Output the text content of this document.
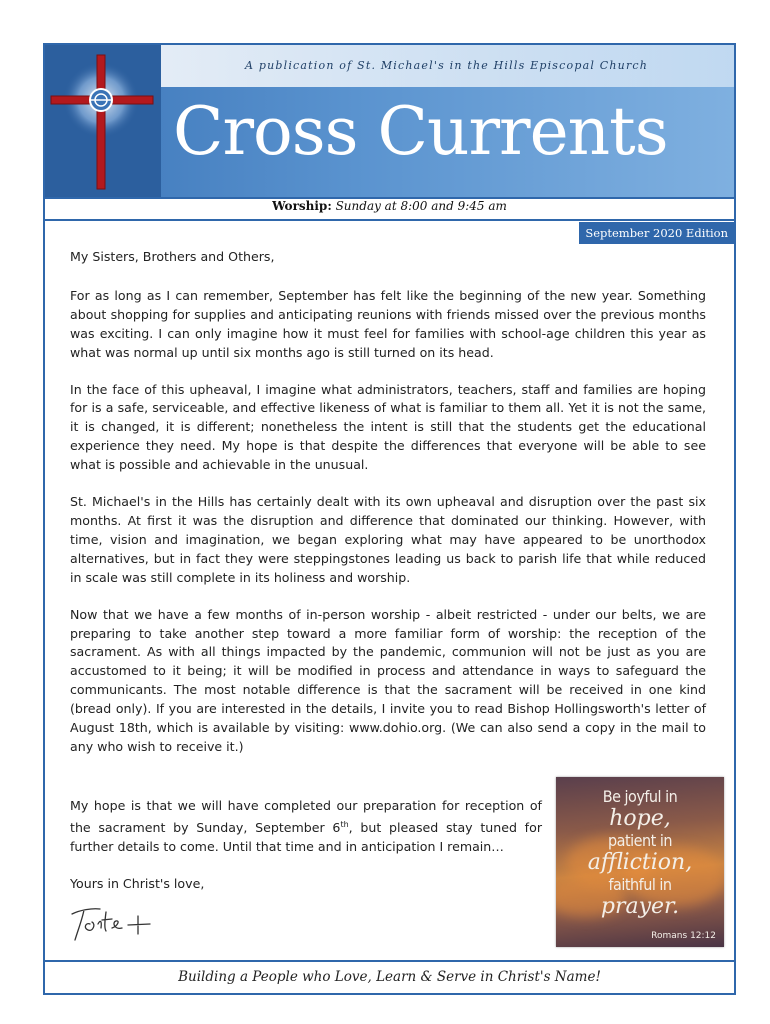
A publication of St. Michael's in the Hills Episcopal Church
Cross Currents
Worship: Sunday at 8:00 and 9:45 am
September 2020 Edition

My Sisters, Brothers and Others,

For as long as I can remember, September has felt like the beginning of the new year. Something about shopping for supplies and anticipating reunions with friends missed over the previous months was exciting. I can only imagine how it must feel for families with school-age children this year as what was normal up until six months ago is still turned on its head.

In the face of this upheaval, I imagine what administrators, teachers, staff and families are hoping for is a safe, serviceable, and effective likeness of what is familiar to them all. Yet it is not the same, it is changed, it is different; nonetheless the intent is still that the students get the educational experience they need. My hope is that despite the differences that everyone will be able to see what is possible and achievable in the unusual.

St. Michael's in the Hills has certainly dealt with its own upheaval and disruption over the past six months. At first it was the disruption and difference that dominated our thinking. However, with time, vision and imagination, we began exploring what may have appeared to be unorthodox alternatives, but in fact they were steppingstones leading us back to parish life that while reduced in scale was still complete in its holiness and worship.

Now that we have a few months of in-person worship - albeit restricted - under our belts, we are preparing to take another step toward a more familiar form of worship: the reception of the sacrament. As with all things impacted by the pandemic, communion will not be just as you are accustomed to it being; it will be modified in process and attendance in ways to safeguard the communicants. The most notable difference is that the sacrament will be received in one kind (bread only). If you are interested in the details, I invite you to read Bishop Hollingsworth's letter of August 18th, which is available by visiting: www.dohio.org. (We can also send a copy in the mail to any who wish to receive it.)

My hope is that we will have completed our preparation for reception of the sacrament by Sunday, September 6th, but pleased stay tuned for further details to come. Until that time and in anticipation I remain…

Yours in Christ's love,

Be joyful in
hope,
patient in
affliction,
faithful in
prayer.
Romans 12:12
Building a People who Love, Learn & Serve in Christ's Name!
